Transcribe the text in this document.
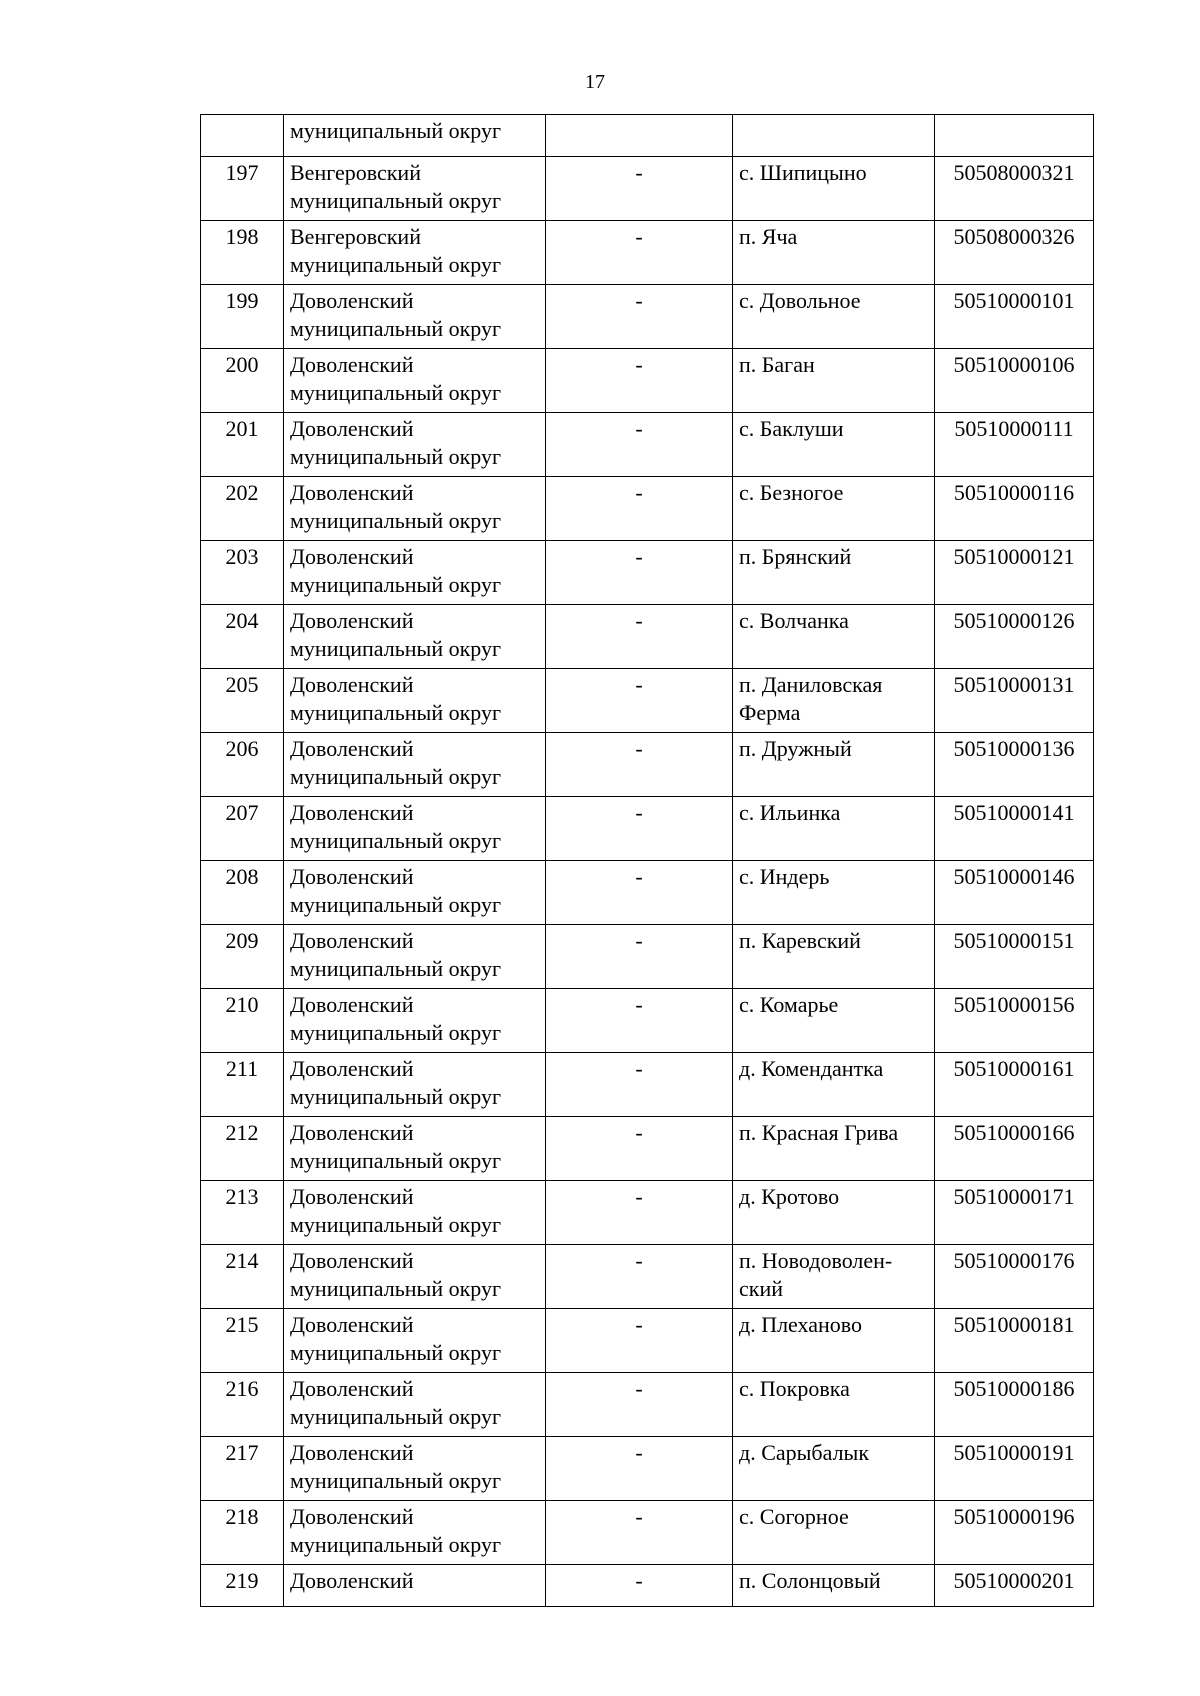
17
	муниципальный округ			
197	Венгеровский муниципальный округ	-	с. Шипицыно	50508000321
198	Венгеровский муниципальный округ	-	п. Яча	50508000326
199	Доволенский муниципальный округ	-	с. Довольное	50510000101
200	Доволенский муниципальный округ	-	п. Баган	50510000106
201	Доволенский муниципальный округ	-	с. Баклуши	50510000111
202	Доволенский муниципальный округ	-	с. Безногое	50510000116
203	Доволенский муниципальный округ	-	п. Брянский	50510000121
204	Доволенский муниципальный округ	-	с. Волчанка	50510000126
205	Доволенский муниципальный округ	-	п. Даниловская Ферма	50510000131
206	Доволенский муниципальный округ	-	п. Дружный	50510000136
207	Доволенский муниципальный округ	-	с. Ильинка	50510000141
208	Доволенский муниципальный округ	-	с. Индерь	50510000146
209	Доволенский муниципальный округ	-	п. Каревский	50510000151
210	Доволенский муниципальный округ	-	с. Комарье	50510000156
211	Доволенский муниципальный округ	-	д. Комендантка	50510000161
212	Доволенский муниципальный округ	-	п. Красная Грива	50510000166
213	Доволенский муниципальный округ	-	д. Кротово	50510000171
214	Доволенский муниципальный округ	-	п. Новодоволен-ский	50510000176
215	Доволенский муниципальный округ	-	д. Плеханово	50510000181
216	Доволенский муниципальный округ	-	с. Покровка	50510000186
217	Доволенский муниципальный округ	-	д. Сарыбалык	50510000191
218	Доволенский муниципальный округ	-	с. Согорное	50510000196
219	Доволенский	-	п. Солонцовый	50510000201
